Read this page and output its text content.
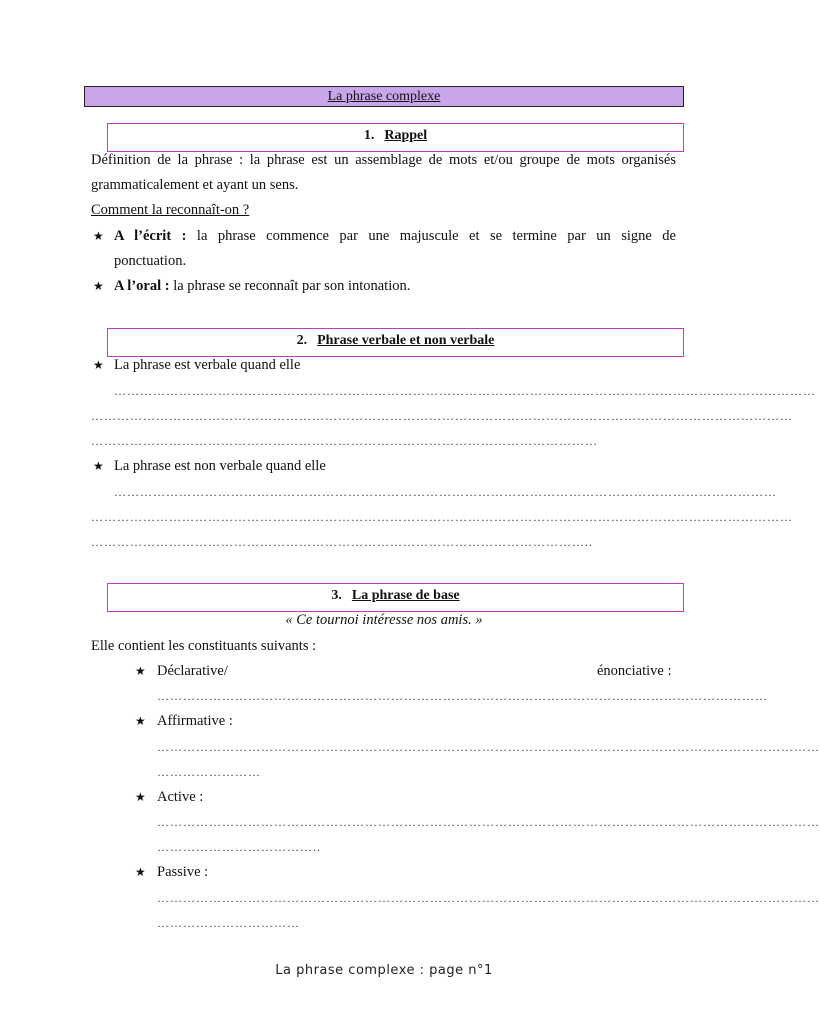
La phrase complexe
1. Rappel
Définition de la phrase : la phrase est un assemblage de mots et/ou groupe de mots organisés
grammaticalement et ayant un sens.
Comment la reconnaît-on ?
★ A l’écrit : la phrase commence par une majuscule et se termine par un signe de
ponctuation.
★ A l’oral : la phrase se reconnaît par son intonation.
2. Phrase verbale et non verbale
★ La phrase est verbale quand elle
………………………………………………………………………………………………………………………………………………
………………………………………………………………………………………………………………………………………………
………………………………………………………………………………………………………
★ La phrase est non verbale quand elle
………………………………………………………………………………………………………………………………………
………………………………………………………………………………………………………………………………………………
……………………………………………………………………………………………………..
3. La phrase de base
« Ce tournoi intéresse nos amis. »
Elle contient les constituants suivants :
★ Déclarative/	énonciative :
……………………………………………………………………………………………………………………………
★ Affirmative :
………………………………………………………………………………………………………………………………………
……………………
★ Active :
………………………………………………………………………………………………………………………………………
………………………………..
★ Passive :
………………………………………………………………………………………………………………………………………
……………………………
La phrase complexe : page n°1
